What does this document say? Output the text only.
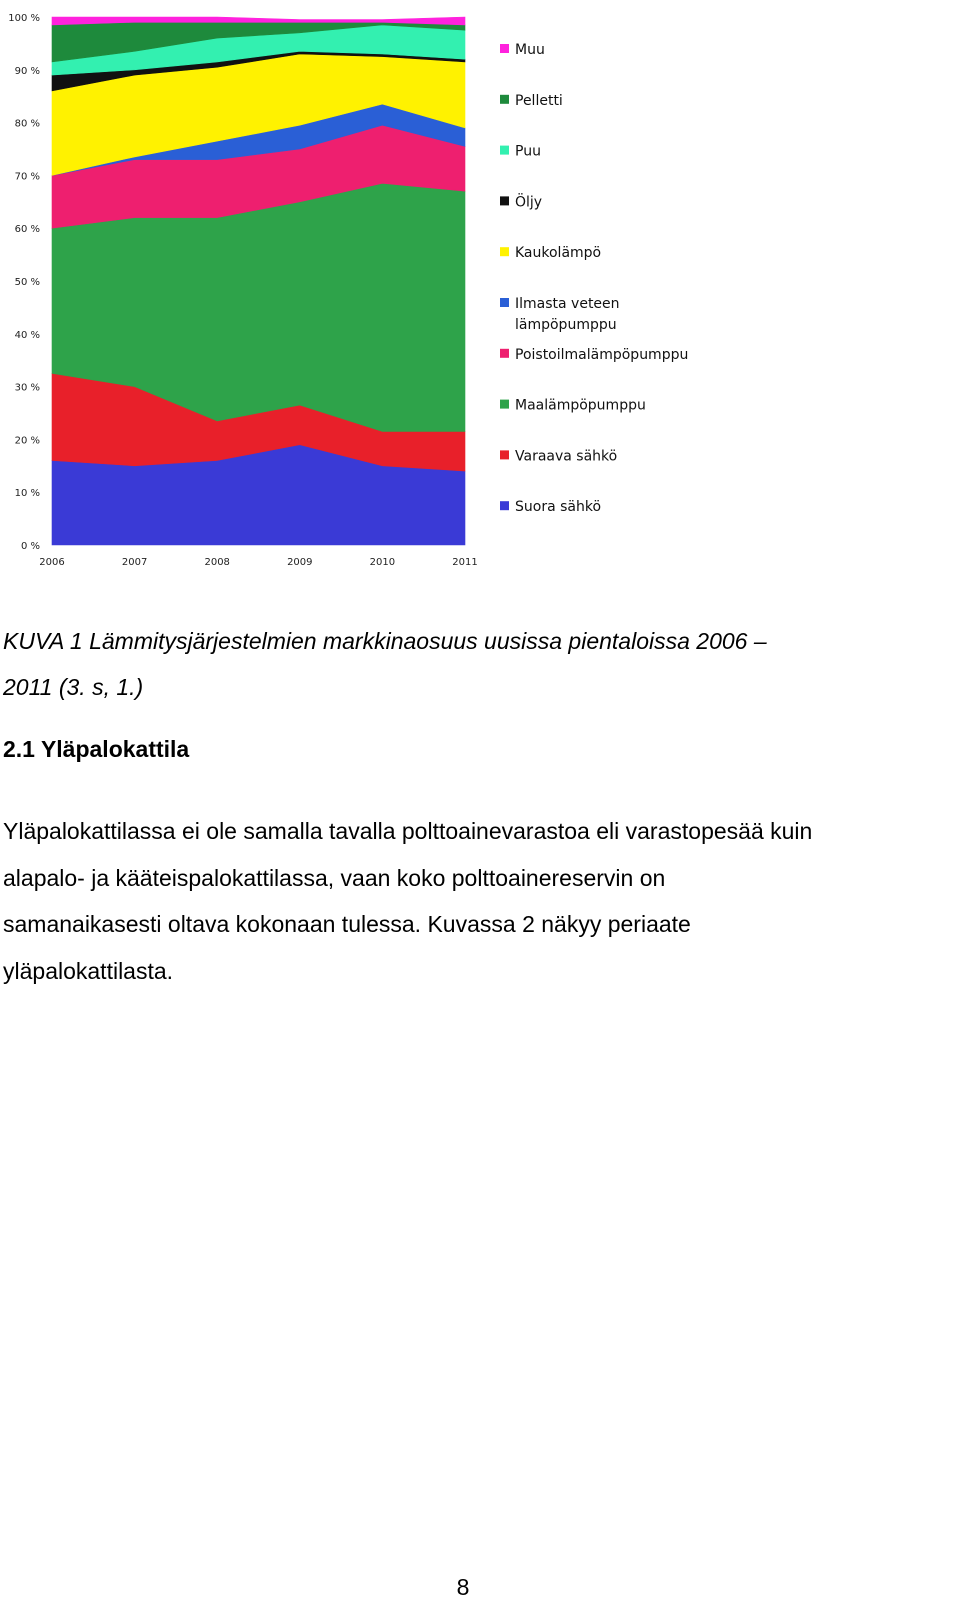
0 %
10 %
20 %
30 %
40 %
50 %
60 %
70 %
80 %
90 %
100 %
2006	2007	2008	2009	2010	2011
Muu
Pelletti
Puu
Öljy
Kaukolämpö
Ilmasta veteen
lämpöpumppu
Poistoilmalämpöpumppu
Maalämpöpumppu
Varaava sähkö
Suora sähkö
KUVA 1 Lämmitysjärjestelmien markkinaosuus uusissa pientaloissa 2006 –
2011 (3. s, 1.)
2.1 Yläpalokattila
Yläpalokattilassa ei ole samalla tavalla polttoainevarastoa eli varastopesää kuin
alapalo- ja kääteispalokattilassa, vaan koko polttoainereservin on
samanaikasesti oltava kokonaan tulessa. Kuvassa 2 näkyy periaate
yläpalokattilasta.
8
